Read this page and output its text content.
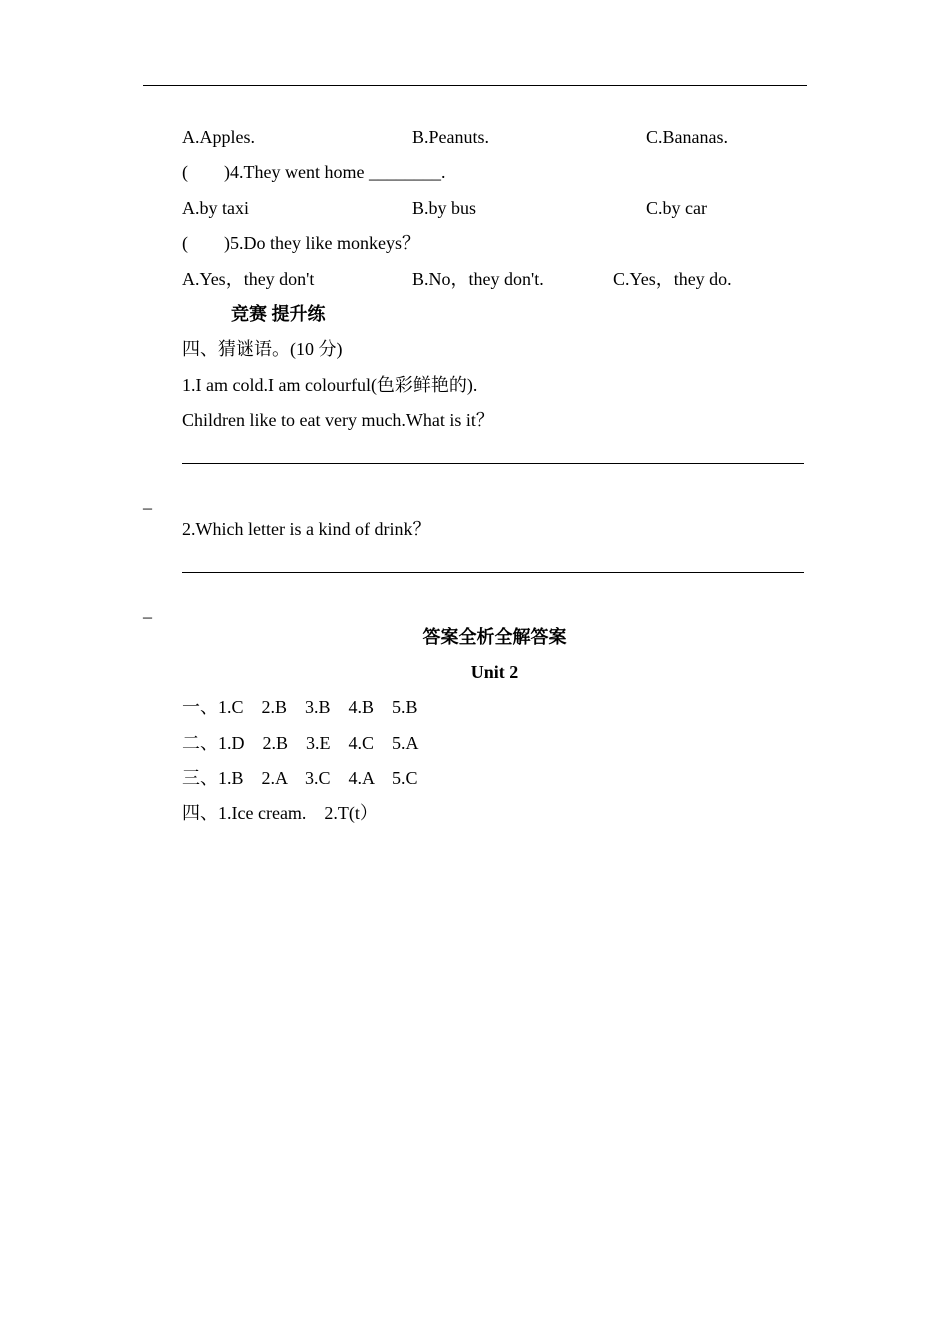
A.Apples.	B.Peanuts.	C.Bananas.
(        )4.They went home ________.
A.by taxi	B.by bus	C.by car
(        )5.Do they like monkeys？
A.Yes，they don't	B.No，they don't.	C.Yes，they do.
竞赛 提升练
四、猜谜语。(10 分)
1.I am cold.I am colourful(色彩鲜艳的).
Children like to eat very much.What is it？
_
2.Which letter is a kind of drink？
_
答案全析全解答案
Unit 2
一、1.C    2.B    3.B    4.B    5.B
二、1.D    2.B    3.E    4.C    5.A
三、1.B    2.A    3.C    4.A    5.C
四、1.Ice cream.    2.T(t）
